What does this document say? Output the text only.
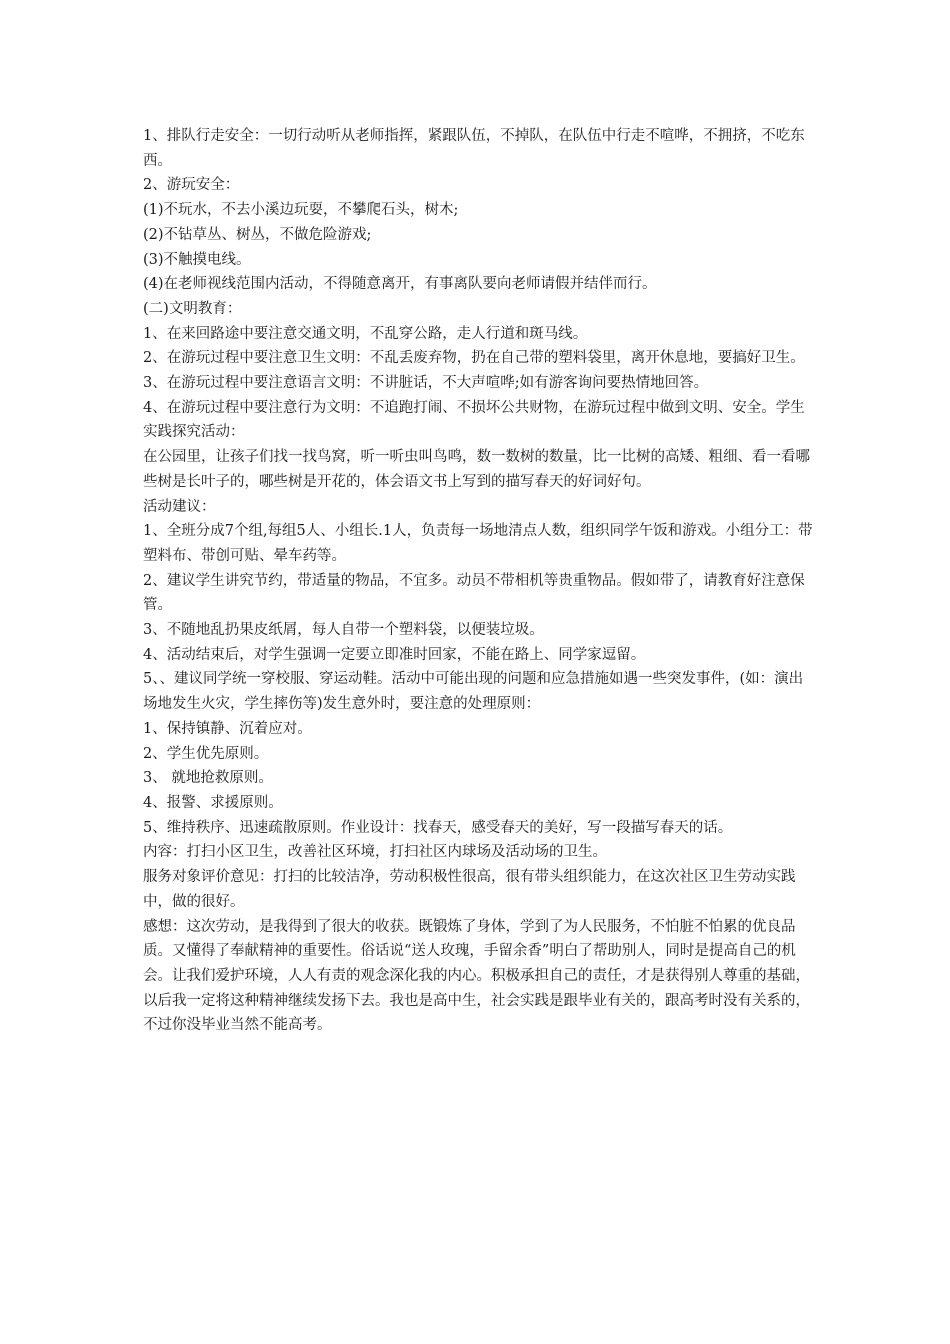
1、排队行走安全：一切行动听从老师指挥，紧跟队伍，不掉队，在队伍中行走不喧哗，不拥挤，不吃东西。

2、游玩安全：

(1)不玩水，不去小溪边玩耍，不攀爬石头，树木;

(2)不钻草丛、树丛，不做危险游戏;

(3)不触摸电线。

(4)在老师视线范围内活动，不得随意离开，有事离队要向老师请假并结伴而行。

(二)文明教育：

1、在来回路途中要注意交通文明，不乱穿公路，走人行道和斑马线。

2、在游玩过程中要注意卫生文明：不乱丢废弃物，扔在自己带的塑料袋里，离开休息地，要搞好卫生。

3、在游玩过程中要注意语言文明：不讲脏话，不大声喧哗;如有游客询问要热情地回答。

4、在游玩过程中要注意行为文明：不追跑打闹、不损坏公共财物，在游玩过程中做到文明、安全。学生实践探究活动：

在公园里，让孩子们找一找鸟窝，听一听虫叫鸟鸣，数一数树的数量，比一比树的高矮、粗细、看一看哪些树是长叶子的，哪些树是开花的，体会语文书上写到的描写春天的好词好句。

活动建议：

1、全班分成7个组,每组5人、小组长.1人，负责每一场地清点人数，组织同学午饭和游戏。小组分工：带塑料布、带创可贴、晕车药等。

2、建议学生讲究节约，带适量的物品，不宜多。动员不带相机等贵重物品。假如带了，请教育好注意保管。

3、不随地乱扔果皮纸屑，每人自带一个塑料袋，以便装垃圾。

4、活动结束后，对学生强调一定要立即准时回家，不能在路上、同学家逗留。

5、、建议同学统一穿校服、穿运动鞋。活动中可能出现的问题和应急措施如遇一些突发事件，(如：演出场地发生火灾，学生摔伤等)发生意外时，要注意的处理原则：

1、保持镇静、沉着应对。

2、学生优先原则。

3、 就地抢救原则。

4、报警、求援原则。

5、维持秩序、迅速疏散原则。作业设计：找春天，感受春天的美好，写一段描写春天的话。

内容：打扫小区卫生，改善社区环境，打扫社区内球场及活动场的卫生。

服务对象评价意见：打扫的比较洁净，劳动积极性很高，很有带头组织能力，在这次社区卫生劳动实践中，做的很好。

感想：这次劳动，是我得到了很大的收获。既锻炼了身体，学到了为人民服务，不怕脏不怕累的优良品质。又懂得了奉献精神的重要性。俗话说“送人玫瑰，手留余香”明白了帮助别人，同时是提高自己的机会。让我们爱护环境，人人有责的观念深化我的内心。积极承担自己的责任，才是获得别人尊重的基础，以后我一定将这种精神继续发扬下去。我也是高中生，社会实践是跟毕业有关的，跟高考时没有关系的，不过你没毕业当然不能高考。
